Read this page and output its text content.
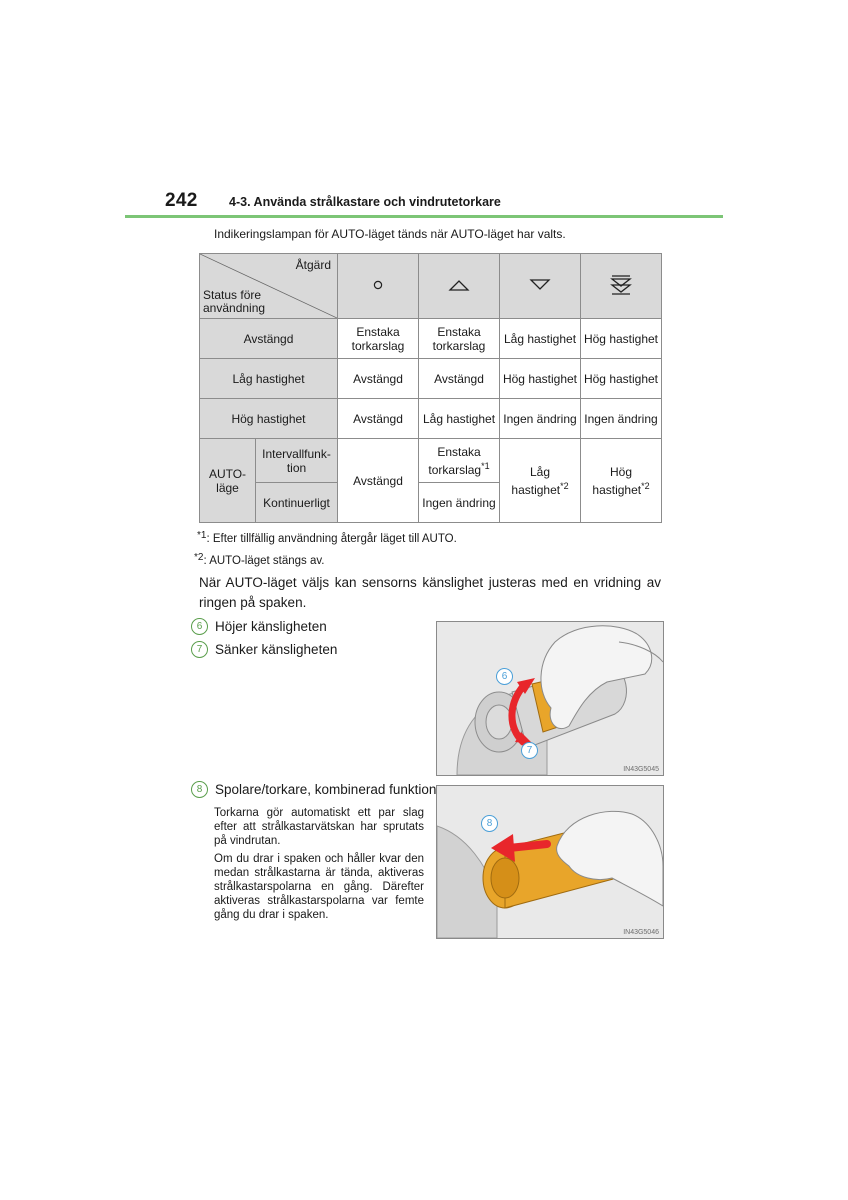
242	4-3. Använda strålkastare och vindrutetorkare
Indikeringslampan för AUTO-läget tänds när AUTO-läget har valts.
Åtgärd
Status före användning

Avstängd		Enstaka torkarslag	Enstaka torkarslag	Låg hastighet	Hög hastighet
Låg hastighet		Avstängd	Avstängd	Hög hastighet	Hög hastighet
Hög hastighet		Avstängd	Låg hastighet	Ingen ändring	Ingen ändring
AUTO-läge	Intervallfunk-tion	Avstängd	Enstaka torkarslag$^{*1}$	Låg hastighet$^{*2}$	Hög hastighet$^{*2}$
	Kontinuerligt		Ingen ändring		
*1: Efter tillfällig användning återgår läget till AUTO.
*2: AUTO-läget stängs av.
När AUTO-läget väljs kan sensorns känslighet justeras med en vridning av ringen på spaken.
6 Höjer känsligheten
7 Sänker känsligheten
6
7
IN43G5045
8 Spolare/torkare, kombinerad funktion
Torkarna gör automatiskt ett par slag efter att strålkastarvätskan har sprutats på vindrutan.
Om du drar i spaken och håller kvar den medan strålkastarna är tända, aktiveras strålkastarspolarna en gång. Därefter aktiveras strålkastarspolarna var femte gång du drar i spaken.
8
IN43G5046
